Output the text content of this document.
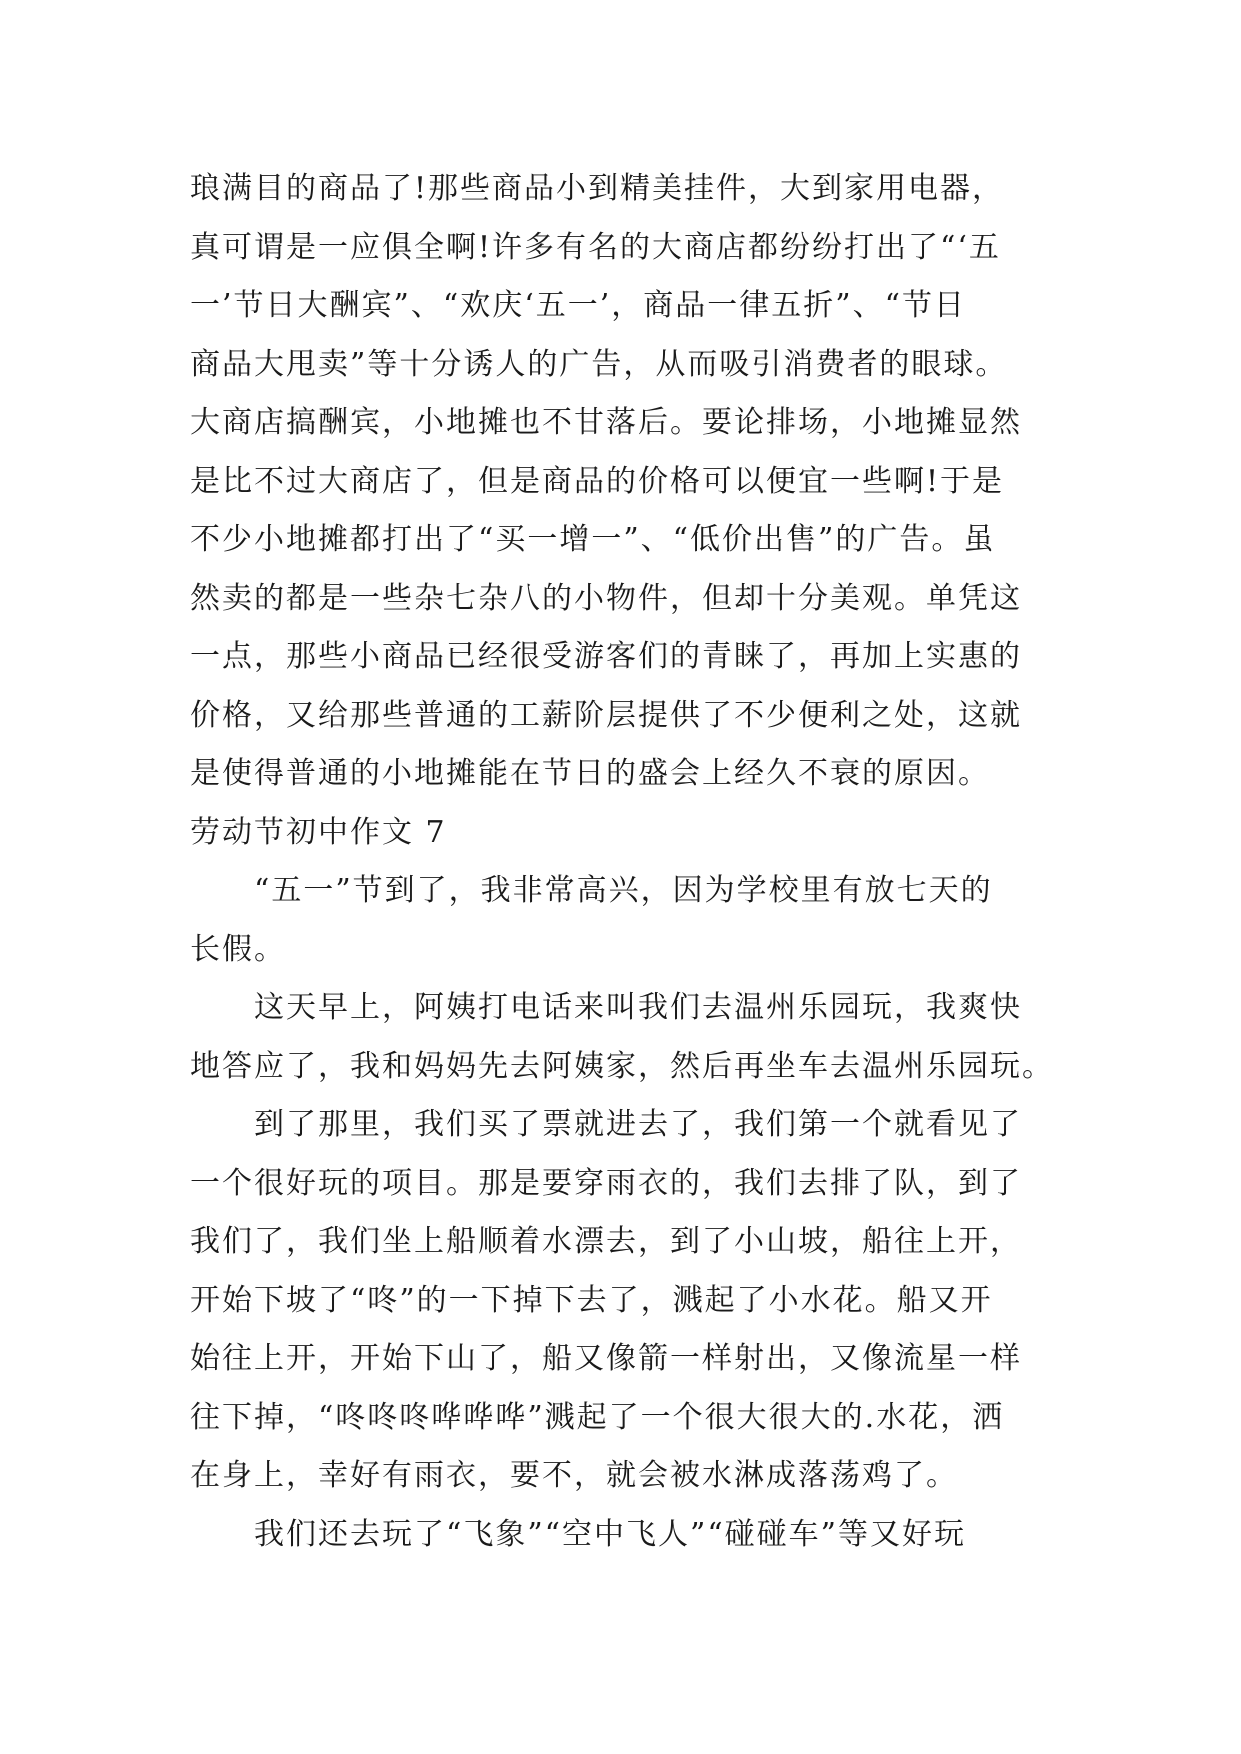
琅满目的商品了!那些商品小到精美挂件，大到家用电器，
真可谓是一应俱全啊!许多有名的大商店都纷纷打出了“‘五
一’节日大酬宾”、“欢庆‘五一’，商品一律五折”、“节日
商品大甩卖”等十分诱人的广告，从而吸引消费者的眼球。
大商店搞酬宾，小地摊也不甘落后。要论排场，小地摊显然
是比不过大商店了，但是商品的价格可以便宜一些啊!于是
不少小地摊都打出了“买一增一”、“低价出售”的广告。虽
然卖的都是一些杂七杂八的小物件，但却十分美观。单凭这
一点，那些小商品已经很受游客们的青睐了，再加上实惠的
价格，又给那些普通的工薪阶层提供了不少便利之处，这就
是使得普通的小地摊能在节日的盛会上经久不衰的原因。
劳动节初中作文 7
“五一”节到了，我非常高兴，因为学校里有放七天的
长假。
这天早上，阿姨打电话来叫我们去温州乐园玩，我爽快
地答应了，我和妈妈先去阿姨家，然后再坐车去温州乐园玩。
到了那里，我们买了票就进去了，我们第一个就看见了
一个很好玩的项目。那是要穿雨衣的，我们去排了队，到了
我们了，我们坐上船顺着水漂去，到了小山坡，船往上开，
开始下坡了“咚”的一下掉下去了，溅起了小水花。船又开
始往上开，开始下山了，船又像箭一样射出，又像流星一样
往下掉，“咚咚咚哗哗哗”溅起了一个很大很大的.水花，洒
在身上，幸好有雨衣，要不，就会被水淋成落荡鸡了。
我们还去玩了“飞象”“空中飞人”“碰碰车”等又好玩
